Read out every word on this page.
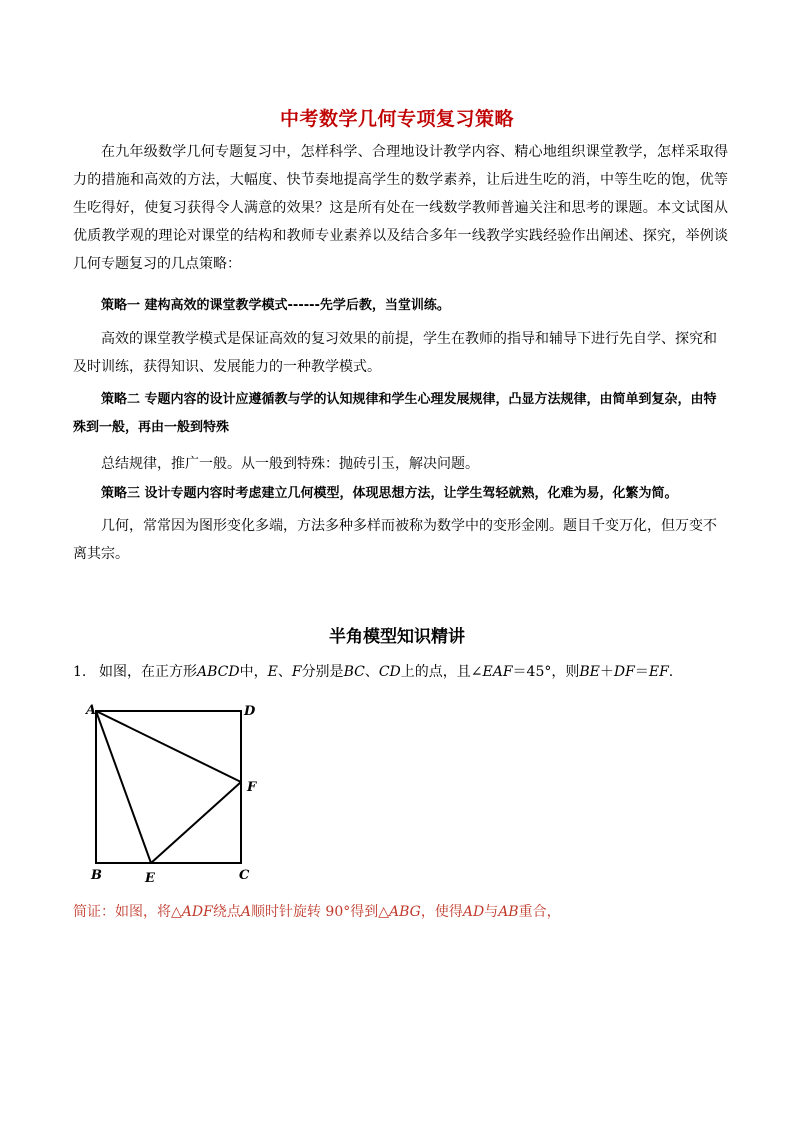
中考数学几何专项复习策略

在九年级数学几何专题复习中，怎样科学、合理地设计教学内容、精心地组织课堂教学，怎样采取得力的措施和高效的方法，大幅度、快节奏地提高学生的数学素养，让后进生吃的消，中等生吃的饱，优等生吃得好，使复习获得令人满意的效果？这是所有处在一线数学教师普遍关注和思考的课题。本文试图从优质教学观的理论对课堂的结构和教师专业素养以及结合多年一线教学实践经验作出阐述、探究，举例谈几何专题复习的几点策略：

策略一 建构高效的课堂教学模式------先学后教，当堂训练。

高效的课堂教学模式是保证高效的复习效果的前提，学生在教师的指导和辅导下进行先自学、探究和及时训练，获得知识、发展能力的一种教学模式。

策略二 专题内容的设计应遵循教与学的认知规律和学生心理发展规律，凸显方法规律，由简单到复杂，由特殊到一般，再由一般到特殊

总结规律，推广一般。从一般到特殊：抛砖引玉，解决问题。

策略三 设计专题内容时考虑建立几何模型，体现思想方法，让学生驾轻就熟，化难为易，化繁为简。

几何，常常因为图形变化多端，方法多种多样而被称为数学中的变形金刚。题目千变万化，但万变不离其宗。

半角模型知识精讲
1. 如图，在正方形ABCD中，E、F分别是BC、CD上的点，且∠EAF＝45°，则BE＋DF＝EF.
A	D
F
B	E	C
简证：如图，将△ADF绕点A顺时针旋转 90°得到△ABG，使得AD与AB重合，
